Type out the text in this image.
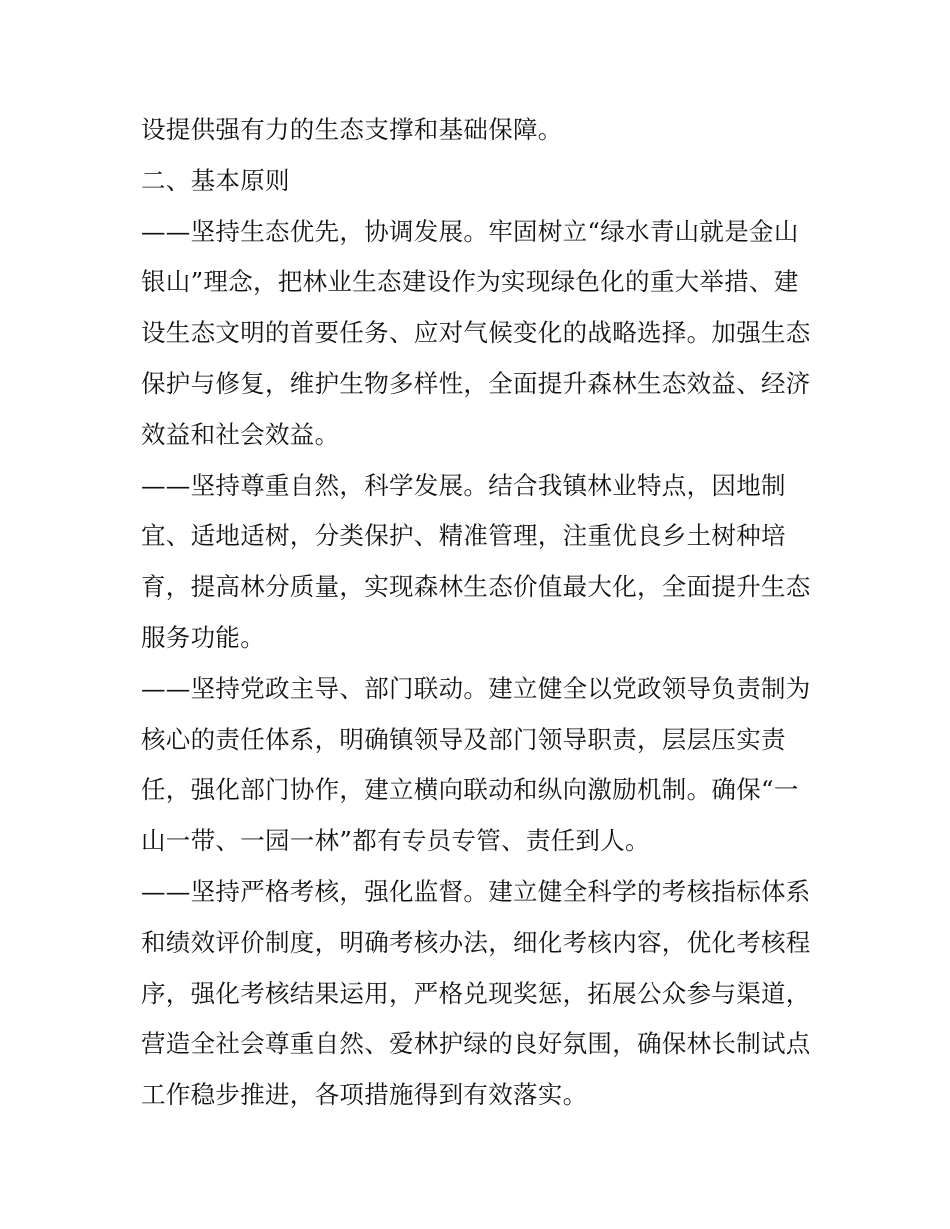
设提供强有力的生态支撑和基础保障。
二、基本原则
——坚持生态优先，协调发展。牢固树立“绿水青山就是金山
银山”理念，把林业生态建设作为实现绿色化的重大举措、建
设生态文明的首要任务、应对气候变化的战略选择。加强生态
保护与修复，维护生物多样性，全面提升森林生态效益、经济
效益和社会效益。
——坚持尊重自然，科学发展。结合我镇林业特点，因地制
宜、适地适树，分类保护、精准管理，注重优良乡土树种培
育，提高林分质量，实现森林生态价值最大化，全面提升生态
服务功能。
——坚持党政主导、部门联动。建立健全以党政领导负责制为
核心的责任体系，明确镇领导及部门领导职责，层层压实责
任，强化部门协作，建立横向联动和纵向激励机制。确保“一
山一带、一园一林”都有专员专管、责任到人。
——坚持严格考核，强化监督。建立健全科学的考核指标体系
和绩效评价制度，明确考核办法，细化考核内容，优化考核程
序，强化考核结果运用，严格兑现奖惩，拓展公众参与渠道，
营造全社会尊重自然、爱林护绿的良好氛围，确保林长制试点
工作稳步推进，各项措施得到有效落实。
